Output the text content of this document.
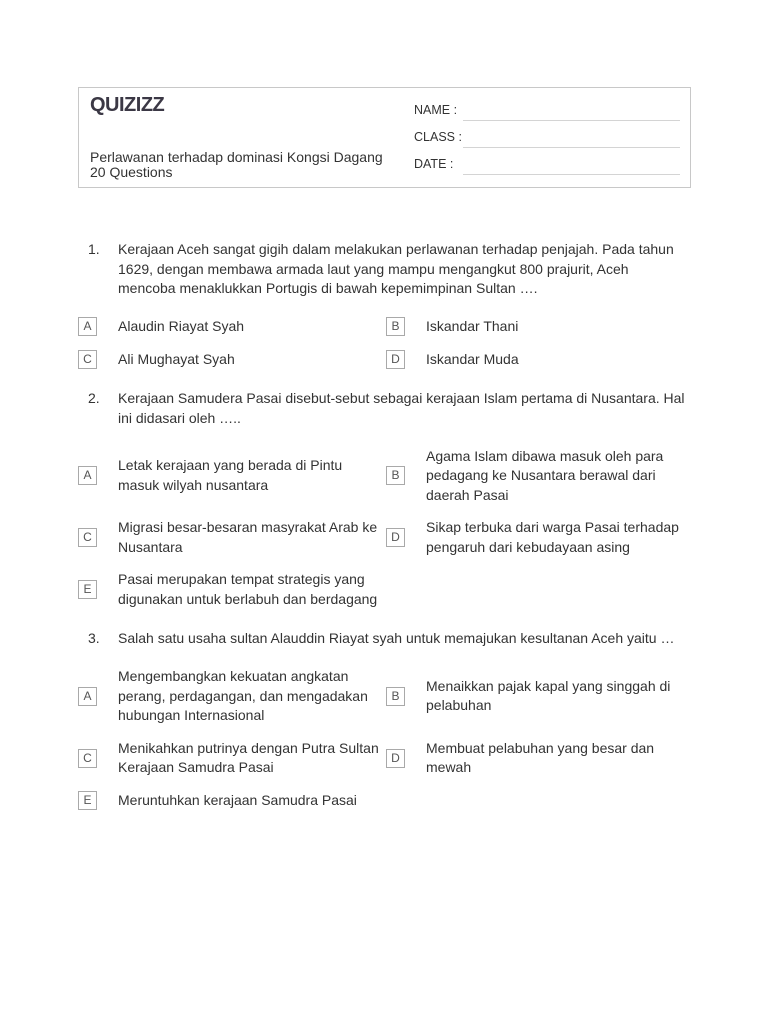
QUIZIZZ
Perlawanan terhadap dominasi Kongsi Dagang
20 Questions
NAME :
CLASS :
DATE :
1.	Kerajaan Aceh sangat gigih dalam melakukan perlawanan terhadap penjajah. Pada tahun
1629, dengan membawa armada laut yang mampu mengangkut 800 prajurit, Aceh
mencoba menaklukkan Portugis di bawah kepemimpinan Sultan ….
A	Alaudin Riayat Syah	B	Iskandar Thani
C	Ali Mughayat Syah	D	Iskandar Muda
2.	Kerajaan Samudera Pasai disebut-sebut sebagai kerajaan Islam pertama di Nusantara. Hal
ini didasari oleh …..
A
Letak kerajaan yang berada di Pintu
masuk wilyah nusantara
B
Agama Islam dibawa masuk oleh para
pedagang ke Nusantara berawal dari
daerah Pasai
C
Migrasi besar-besaran masyrakat Arab ke
Nusantara
D
Sikap terbuka dari warga Pasai terhadap
pengaruh dari kebudayaan asing
E
Pasai merupakan tempat strategis yang
digunakan untuk berlabuh dan berdagang
3.	Salah satu usaha sultan Alauddin Riayat syah untuk memajukan kesultanan Aceh yaitu …
A
Mengembangkan kekuatan angkatan
perang, perdagangan, dan mengadakan
hubungan Internasional
B
Menaikkan pajak kapal yang singgah di
pelabuhan
C
Menikahkan putrinya dengan Putra Sultan
Kerajaan Samudra Pasai
D
Membuat pelabuhan yang besar dan
mewah
E	Meruntuhkan kerajaan Samudra Pasai
